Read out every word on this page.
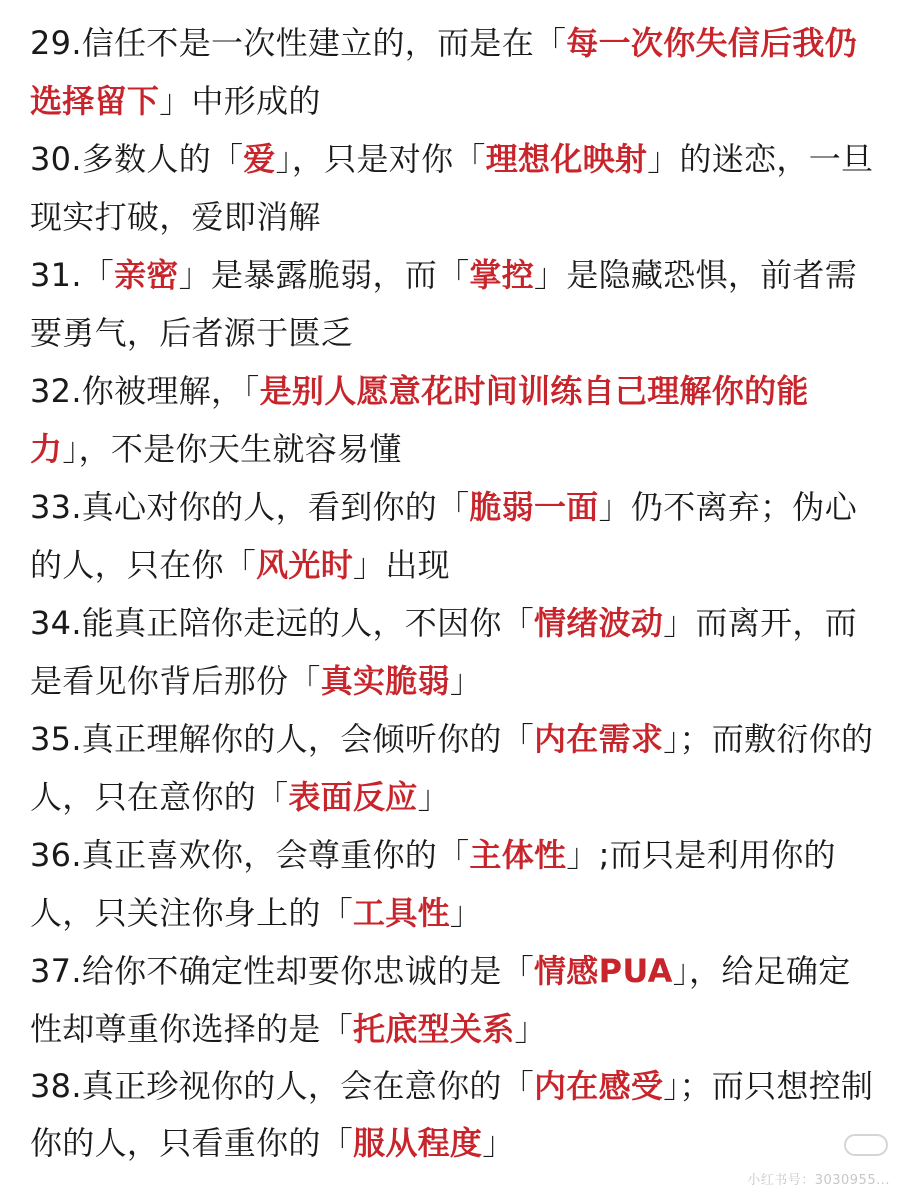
29.信任不是一次性建立的，而是在「每一次你失信后我仍选择留下」中形成的

30.多数人的「爱」，只是对你「理想化映射」的迷恋，一旦现实打破，爱即消解

31.「亲密」是暴露脆弱，而「掌控」是隐藏恐惧，前者需要勇气，后者源于匮乏

32.你被理解，「是别人愿意花时间训练自己理解你的能力」，不是你天生就容易懂

33.真心对你的人，看到你的「脆弱一面」仍不离弃；伪心的人，只在你「风光时」出现

34.能真正陪你走远的人，不因你「情绪波动」而离开，而是看见你背后那份「真实脆弱」

35.真正理解你的人，会倾听你的「内在需求」；而敷衍你的人，只在意你的「表面反应」

36.真正喜欢你，会尊重你的「主体性」;而只是利用你的人，只关注你身上的「工具性」

37.给你不确定性却要你忠诚的是「情感PUA」，给足确定性却尊重你选择的是「托底型关系」

38.真正珍视你的人，会在意你的「内在感受」；而只想控制你的人，只看重你的「服从程度」

小红书号：3030955...
